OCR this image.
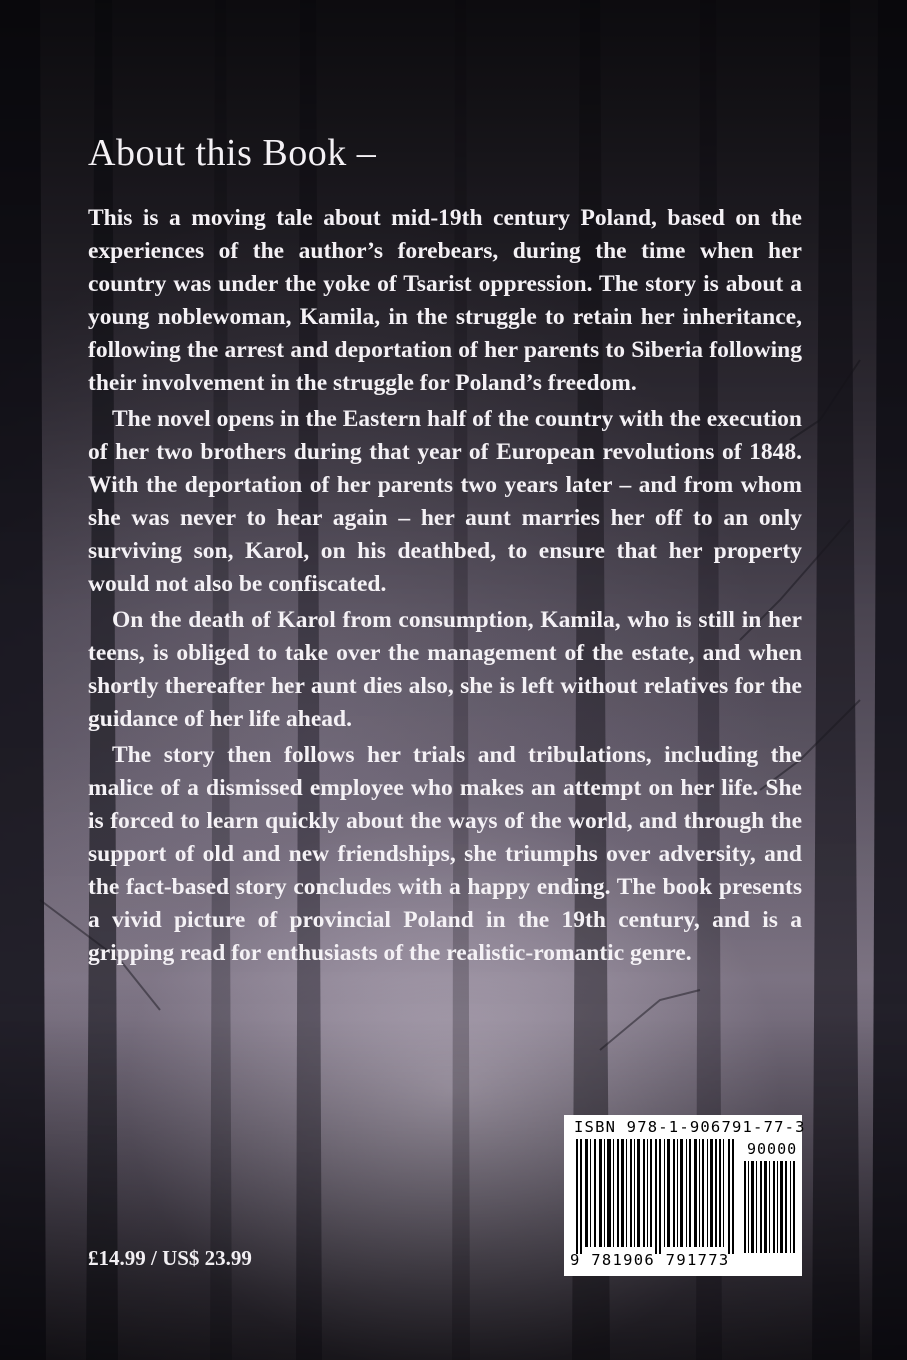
About this Book –

This is a moving tale about mid-19th century Poland, based on the experiences of the author’s forebears, during the time when her country was under the yoke of Tsarist oppression. The story is about a young noblewoman, Kamila, in the struggle to retain her inheritance, following the arrest and deportation of her parents to Siberia following their involvement in the struggle for Poland’s freedom.

The novel opens in the Eastern half of the country with the execution of her two brothers during that year of European revolutions of 1848. With the deportation of her parents two years later – and from whom she was never to hear again – her aunt marries her off to an only surviving son, Karol, on his deathbed, to ensure that her property would not also be confiscated.

On the death of Karol from consumption, Kamila, who is still in her teens, is obliged to take over the management of the estate, and when shortly thereafter her aunt dies also, she is left without relatives for the guidance of her life ahead.

The story then follows her trials and tribulations, including the malice of a dismissed employee who makes an attempt on her life. She is forced to learn quickly about the ways of the world, and through the support of old and new friendships, she triumphs over adversity, and the fact-based story concludes with a happy ending. The book presents a vivid picture of provincial Poland in the 19th century, and is a gripping read for enthusiasts of the realistic-romantic genre.

£14.99 / US$ 23.99
ISBN 978-1-906791-77-3
90000
9 781906 791773
